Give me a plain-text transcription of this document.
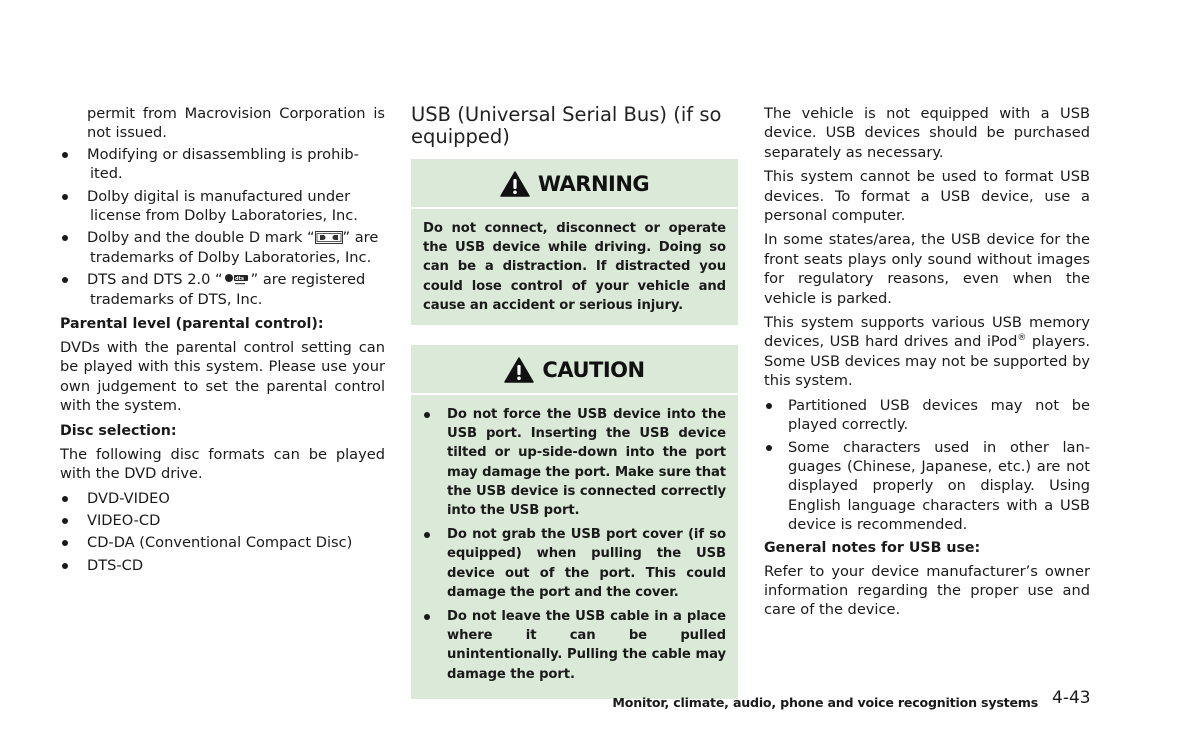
permit from Macrovision Corporation is not issued.

Modifying or disassembling is prohib-
ited.
Dolby digital is manufactured under
license from Dolby Laboratories, Inc.
Dolby and the double D mark “ ” are
trademarks of Dolby Laboratories, Inc.
DTS and DTS 2.0 “ dts ” are registered
trademarks of DTS, Inc.

Parental level (parental control):

DVDs with the parental control setting can be played with this system. Please use your own judgement to set the parental control with the system.

Disc selection:

The following disc formats can be played with the DVD drive.

DVD-VIDEO
VIDEO-CD
CD-DA (Conventional Compact Disc)
DTS-CD
USB (Universal Serial Bus) (if so equipped)
WARNING

Do not connect, disconnect or operate the USB device while driving. Doing so can be a distraction. If distracted you could lose control of your vehicle and cause an accident or serious injury.

CAUTION
Do not force the USB device into the USB port. Inserting the USB device tilted or up-side-down into the port may damage the port. Make sure that the USB device is connected correctly into the USB port.
Do not grab the USB port cover (if so equipped) when pulling the USB device out of the port. This could damage the port and the cover.
Do not leave the USB cable in a place where it can be pulled unintentionally. Pulling the cable may damage the port.

The vehicle is not equipped with a USB device. USB devices should be purchased separately as necessary.

This system cannot be used to format USB devices. To format a USB device, use a personal computer.

In some states/area, the USB device for the front seats plays only sound without images for regulatory reasons, even when the vehicle is parked.

This system supports various USB memory devices, USB hard drives and iPod® players. Some USB devices may not be supported by this system.

Partitioned USB devices may not be played correctly.
Some characters used in other lan-guages (Chinese, Japanese, etc.) are not displayed properly on display. Using English language characters with a USB device is recommended.

General notes for USB use:

Refer to your device manufacturer’s owner information regarding the proper use and care of the device.

Monitor, climate, audio, phone and voice recognition systems 4-43
